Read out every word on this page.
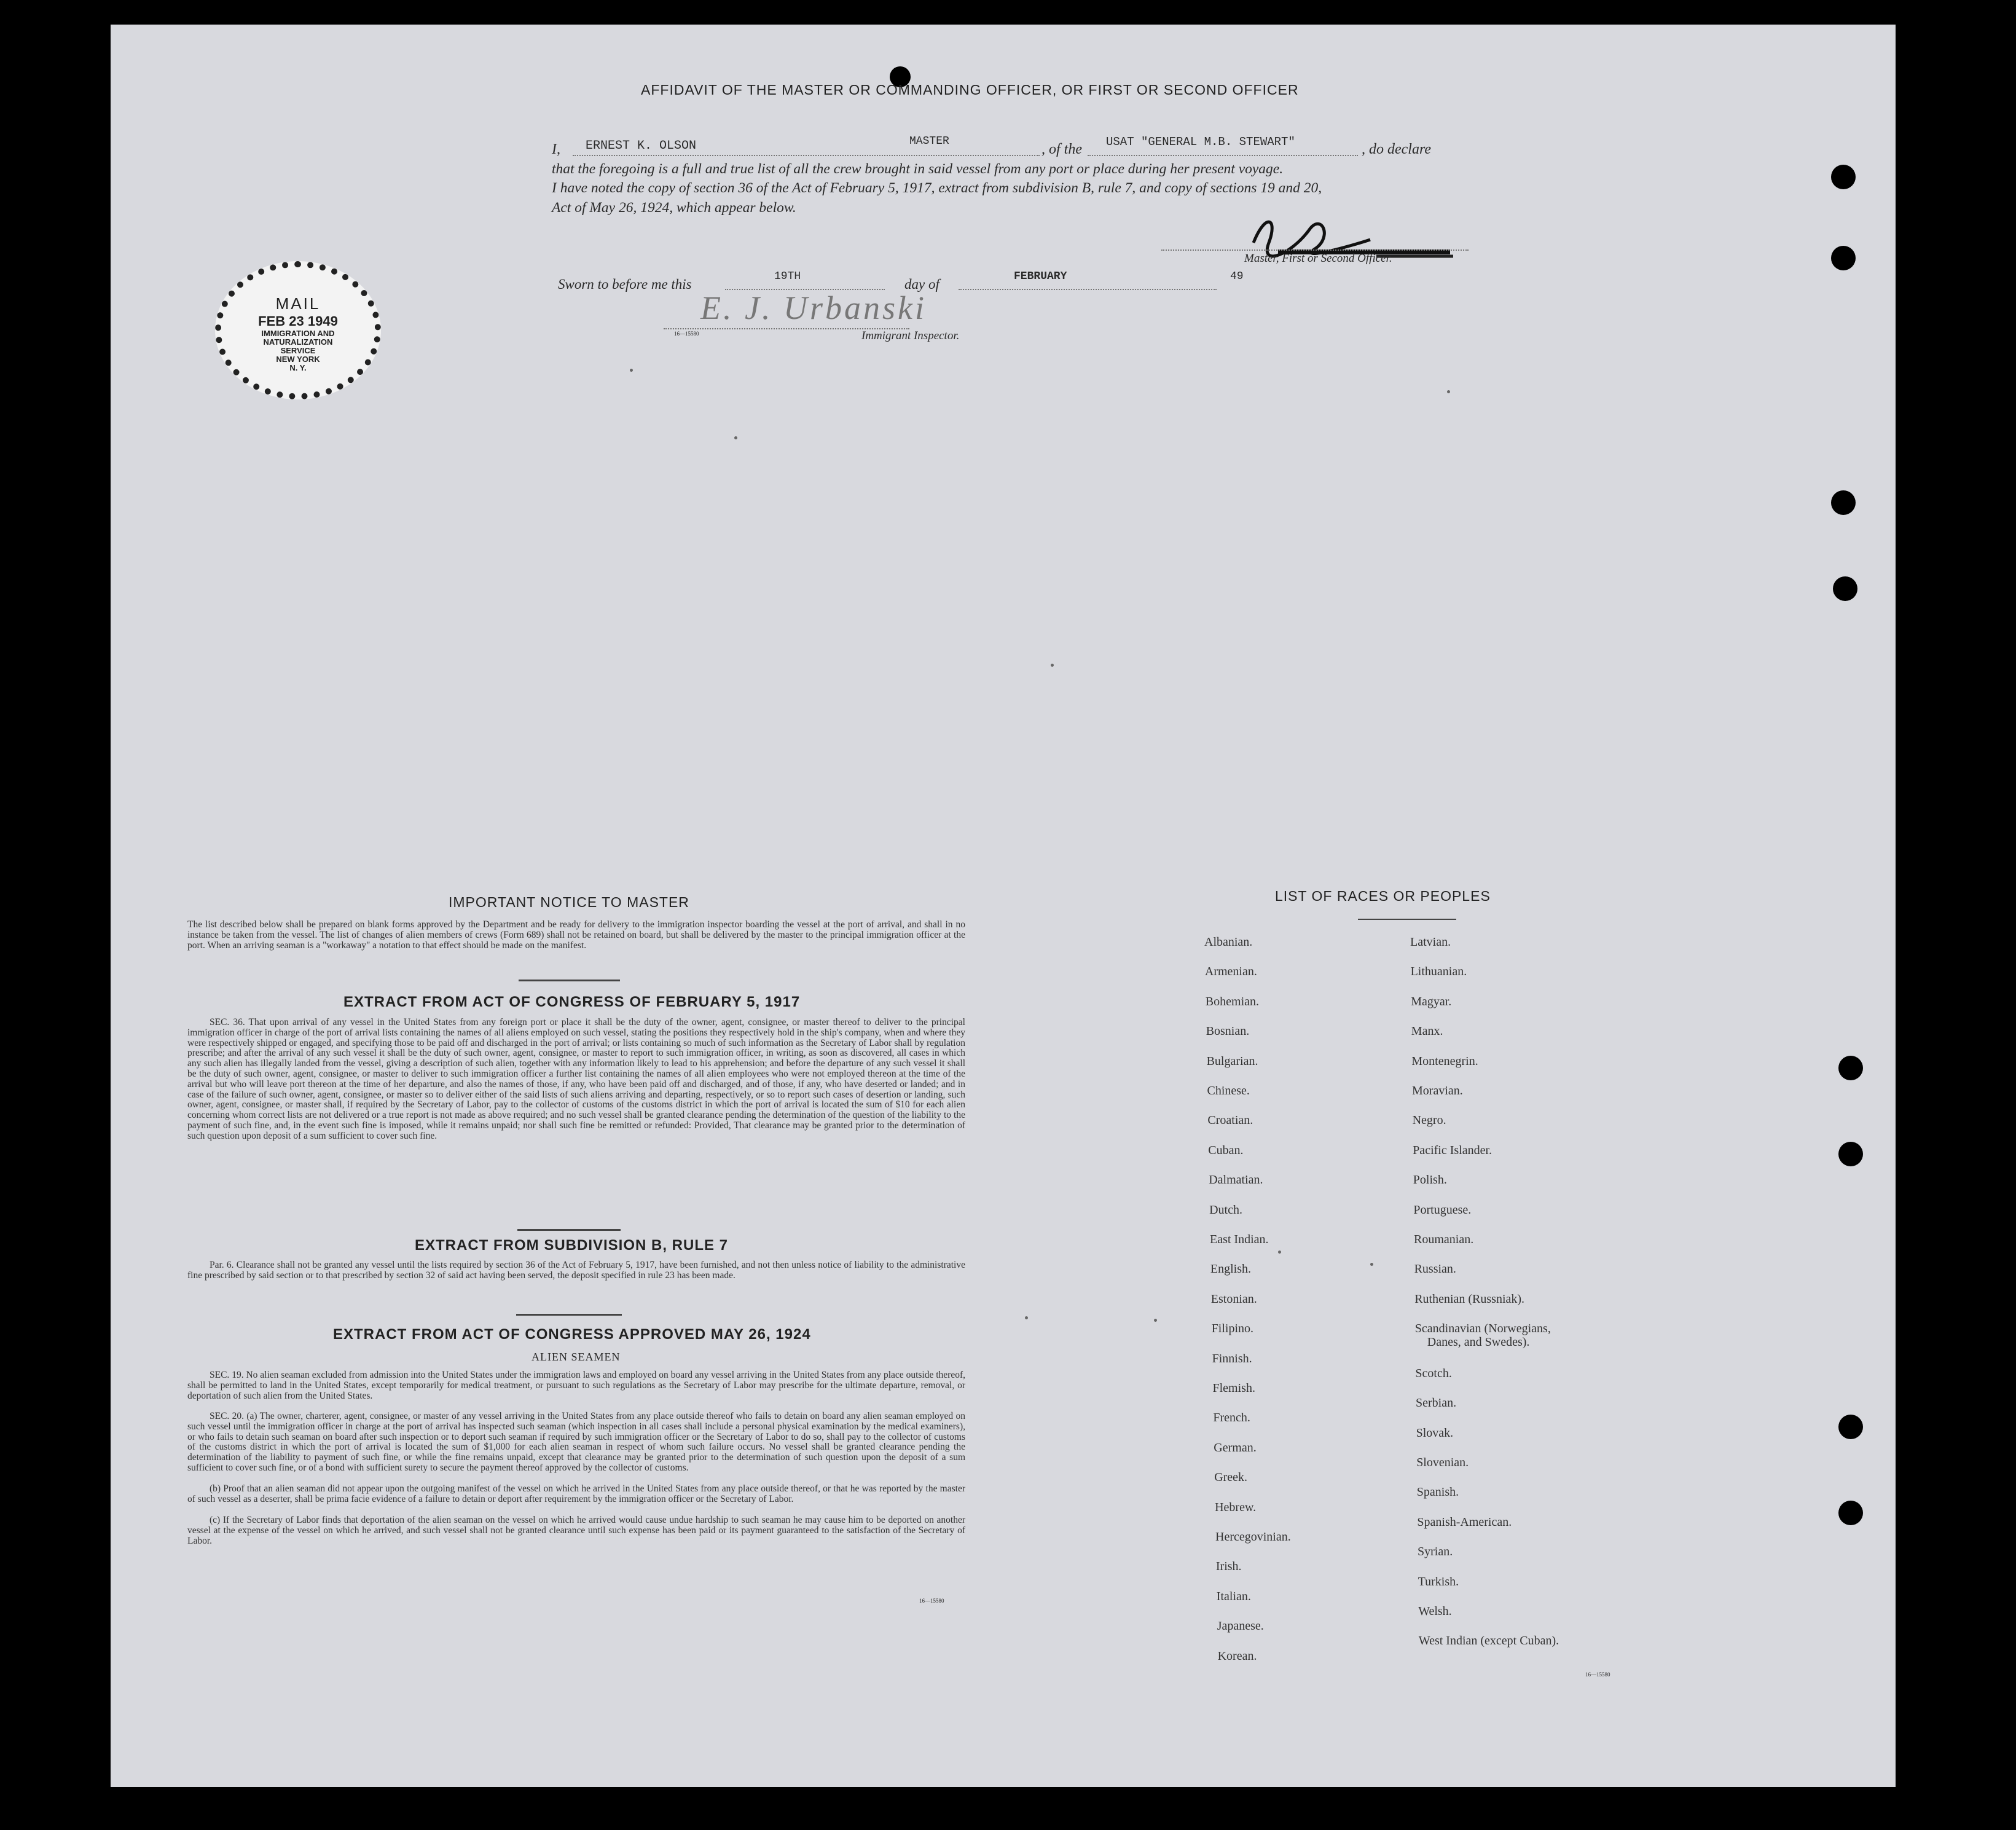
AFFIDAVIT OF THE MASTER OR COMMANDING OFFICER, OR FIRST OR SECOND OFFICER
I, ERNEST K. OLSON	MASTER	, of the USAT "GENERAL M.B. STEWART"	, do declare
that the foregoing is a full and true list of all the crew brought in said vessel from any port or place during her present voyage.
I have noted the copy of section 36 of the Act of February 5, 1917, extract from subdivision B, rule 7, and copy of sections 19 and 20,
Act of May 26, 1924, which appear below.
Master, First or Second Officer.
Sworn to before me this	19TH	day of	FEBRUARY	49
E. J. Urbanski
16—15580	Immigrant Inspector.
MAIL
FEB 23 1949
IMMIGRATION AND NATURALIZATION SERVICE
NEW YORK
N. Y.
IMPORTANT NOTICE TO MASTER
The list described below shall be prepared on blank forms approved by the Department and be ready for delivery to the immigration inspector boarding the vessel at the port of arrival, and shall in no instance be taken from the vessel. The list of changes of alien members of crews (Form 689) shall not be retained on board, but shall be delivered by the master to the principal immigration officer at the port. When an arriving seaman is a "workaway" a notation to that effect should be made on the manifest.
EXTRACT FROM ACT OF CONGRESS OF FEBRUARY 5, 1917
SEC. 36. That upon arrival of any vessel in the United States from any foreign port or place it shall be the duty of the owner, agent, consignee, or master thereof to deliver to the principal immigration officer in charge of the port of arrival lists containing the names of all aliens employed on such vessel, stating the positions they respectively hold in the ship's company, when and where they were respectively shipped or engaged, and specifying those to be paid off and discharged in the port of arrival; or lists containing so much of such information as the Secretary of Labor shall by regulation prescribe; and after the arrival of any such vessel it shall be the duty of such owner, agent, consignee, or master to report to such immigration officer, in writing, as soon as discovered, all cases in which any such alien has illegally landed from the vessel, giving a description of such alien, together with any information likely to lead to his apprehension; and before the departure of any such vessel it shall be the duty of such owner, agent, consignee, or master to deliver to such immigration officer a further list containing the names of all alien employees who were not employed thereon at the time of the arrival but who will leave port thereon at the time of her departure, and also the names of those, if any, who have been paid off and discharged, and of those, if any, who have deserted or landed; and in case of the failure of such owner, agent, consignee, or master so to deliver either of the said lists of such aliens arriving and departing, respectively, or so to report such cases of desertion or landing, such owner, agent, consignee, or master shall, if required by the Secretary of Labor, pay to the collector of customs of the customs district in which the port of arrival is located the sum of $10 for each alien concerning whom correct lists are not delivered or a true report is not made as above required; and no such vessel shall be granted clearance pending the determination of the question of the liability to the payment of such fine, and, in the event such fine is imposed, while it remains unpaid; nor shall such fine be remitted or refunded: Provided, That clearance may be granted prior to the determination of such question upon deposit of a sum sufficient to cover such fine.
EXTRACT FROM SUBDIVISION B, RULE 7
Par. 6. Clearance shall not be granted any vessel until the lists required by section 36 of the Act of February 5, 1917, have been furnished, and not then unless notice of liability to the administrative fine prescribed by said section or to that prescribed by section 32 of said act having been served, the deposit specified in rule 23 has been made.
EXTRACT FROM ACT OF CONGRESS APPROVED MAY 26, 1924
ALIEN SEAMEN
SEC. 19. No alien seaman excluded from admission into the United States under the immigration laws and employed on board any vessel arriving in the United States from any place outside thereof, shall be permitted to land in the United States, except temporarily for medical treatment, or pursuant to such regulations as the Secretary of Labor may prescribe for the ultimate departure, removal, or deportation of such alien from the United States.
SEC. 20. (a) The owner, charterer, agent, consignee, or master of any vessel arriving in the United States from any place outside thereof who fails to detain on board any alien seaman employed on such vessel until the immigration officer in charge at the port of arrival has inspected such seaman (which inspection in all cases shall include a personal physical examination by the medical examiners), or who fails to detain such seaman on board after such inspection or to deport such seaman if required by such immigration officer or the Secretary of Labor to do so, shall pay to the collector of customs of the customs district in which the port of arrival is located the sum of $1,000 for each alien seaman in respect of whom such failure occurs. No vessel shall be granted clearance pending the determination of the liability to payment of such fine, or while the fine remains unpaid, except that clearance may be granted prior to the determination of such question upon the deposit of a sum sufficient to cover such fine, or of a bond with sufficient surety to secure the payment thereof approved by the collector of customs.
(b) Proof that an alien seaman did not appear upon the outgoing manifest of the vessel on which he arrived in the United States from any place outside thereof, or that he was reported by the master of such vessel as a deserter, shall be prima facie evidence of a failure to detain or deport after requirement by the immigration officer or the Secretary of Labor.
(c) If the Secretary of Labor finds that deportation of the alien seaman on the vessel on which he arrived would cause undue hardship to such seaman he may cause him to be deported on another vessel at the expense of the vessel on which he arrived, and such vessel shall not be granted clearance until such expense has been paid or its payment guaranteed to the satisfaction of the Secretary of Labor.
16—15580
LIST OF RACES OR PEOPLES
16—15580
Albanian.
Armenian.
Bohemian.
Bosnian.
Bulgarian.
Chinese.
Croatian.
Cuban.
Dalmatian.
Dutch.
East Indian.
English.
Estonian.
Filipino.
Finnish.
Flemish.
French.
German.
Greek.
Hebrew.
Hercegovinian.
Irish.
Italian.
Japanese.
Korean.
Latvian.
Lithuanian.
Magyar.
Manx.
Montenegrin.
Moravian.
Negro.
Pacific Islander.
Polish.
Portuguese.
Roumanian.
Russian.
Ruthenian (Russniak).
Scandinavian (Norwegians,
Danes, and Swedes).
Scotch.
Serbian.
Slovak.
Slovenian.
Spanish.
Spanish-American.
Syrian.
Turkish.
Welsh.
West Indian (except Cuban).
